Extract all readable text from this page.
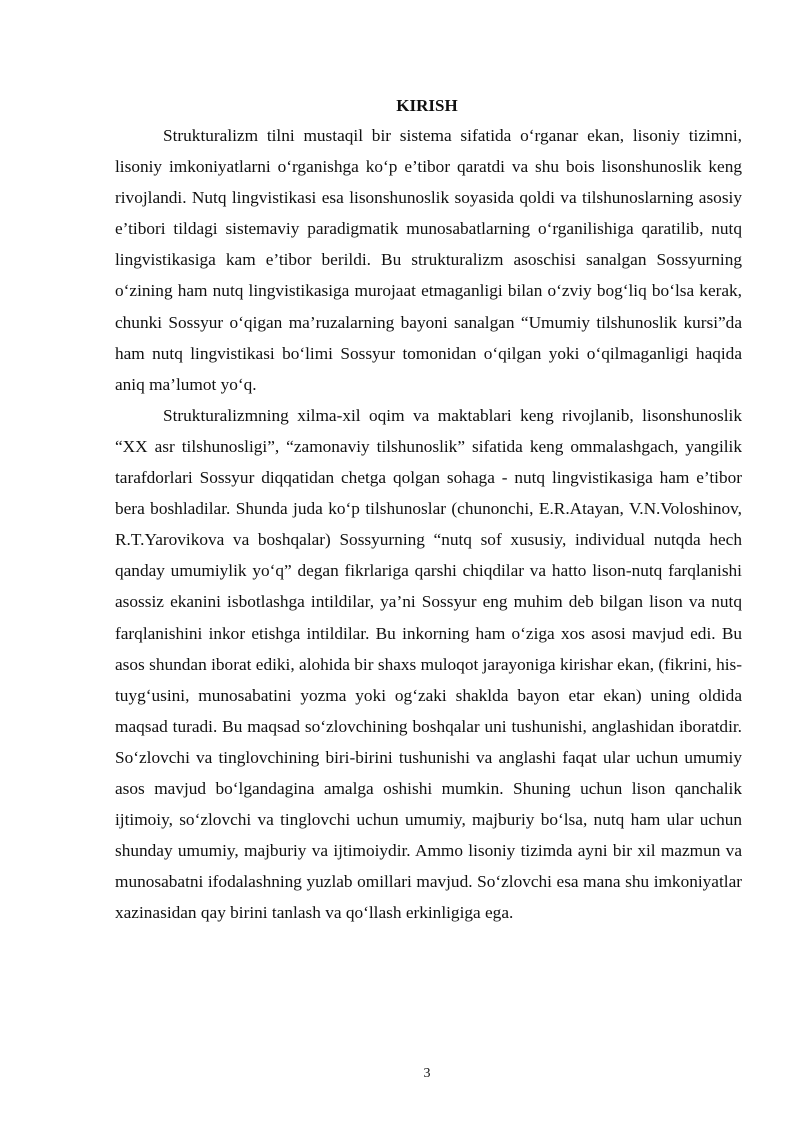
KIRISH

Strukturalizm tilni mustaqil bir sistema sifatida o‘rganar ekan, lisoniy tizimni, lisoniy imkoniyatlarni o‘rganishga ko‘p e’tibor qaratdi va shu bois lisonshunoslik keng rivojlandi. Nutq lingvistikasi esa lisonshunoslik soyasida qoldi va tilshunoslarning asosiy e’tibori tildagi sistemaviy paradigmatik munosabatlarning o‘rganilishiga qaratilib, nutq lingvistikasiga kam e’tibor berildi. Bu strukturalizm asoschisi sanalgan Sossyurning o‘zining ham nutq lingvistikasiga murojaat etmaganligi bilan o‘zviy bog‘liq bo‘lsa kerak, chunki Sossyur o‘qigan ma’ruzalarning bayoni sanalgan “Umumiy tilshunoslik kursi”da ham nutq lingvistikasi bo‘limi Sossyur tomonidan o‘qilgan yoki o‘qilmaganligi haqida aniq ma’lumot yo‘q.

Strukturalizmning xilma-xil oqim va maktablari keng rivojlanib, lisonshunoslik “XX asr tilshunosligi”, “zamonaviy tilshunoslik” sifatida keng ommalashgach, yangilik tarafdorlari Sossyur diqqatidan chetga qolgan sohaga - nutq lingvistikasiga ham e’tibor bera boshladilar. Shunda juda ko‘p tilshunoslar (chunonchi, E.R.Atayan, V.N.Voloshinov, R.T.Yarovikova va boshqalar) Sossyurning “nutq sof xususiy, individual nutqda hech qanday umumiylik yo‘q” degan fikrlariga qarshi chiqdilar va hatto lison-nutq farqlanishi asossiz ekanini isbotlashga intildilar, ya’ni Sossyur eng muhim deb bilgan lison va nutq farqlanishini inkor etishga intildilar. Bu inkorning ham o‘ziga xos asosi mavjud edi. Bu asos shundan iborat ediki, alohida bir shaxs muloqot jarayoniga kirishar ekan, (fikrini, his-tuyg‘usini, munosabatini yozma yoki og‘zaki shaklda bayon etar ekan) uning oldida maqsad turadi. Bu maqsad so‘zlovchining boshqalar uni tushunishi, anglashidan iboratdir. So‘zlovchi va tinglovchining biri-birini tushunishi va anglashi faqat ular uchun umumiy asos mavjud bo‘lgandagina amalga oshishi mumkin. Shuning uchun lison qanchalik ijtimoiy, so‘zlovchi va tinglovchi uchun umumiy, majburiy bo‘lsa, nutq ham ular uchun shunday umumiy, majburiy va ijtimoiydir. Ammo lisoniy tizimda ayni bir xil mazmun va munosabatni ifodalashning yuzlab omillari mavjud. So‘zlovchi esa mana shu imkoniyatlar xazinasidan qay birini tanlash va qo‘llash erkinligiga ega.

3
